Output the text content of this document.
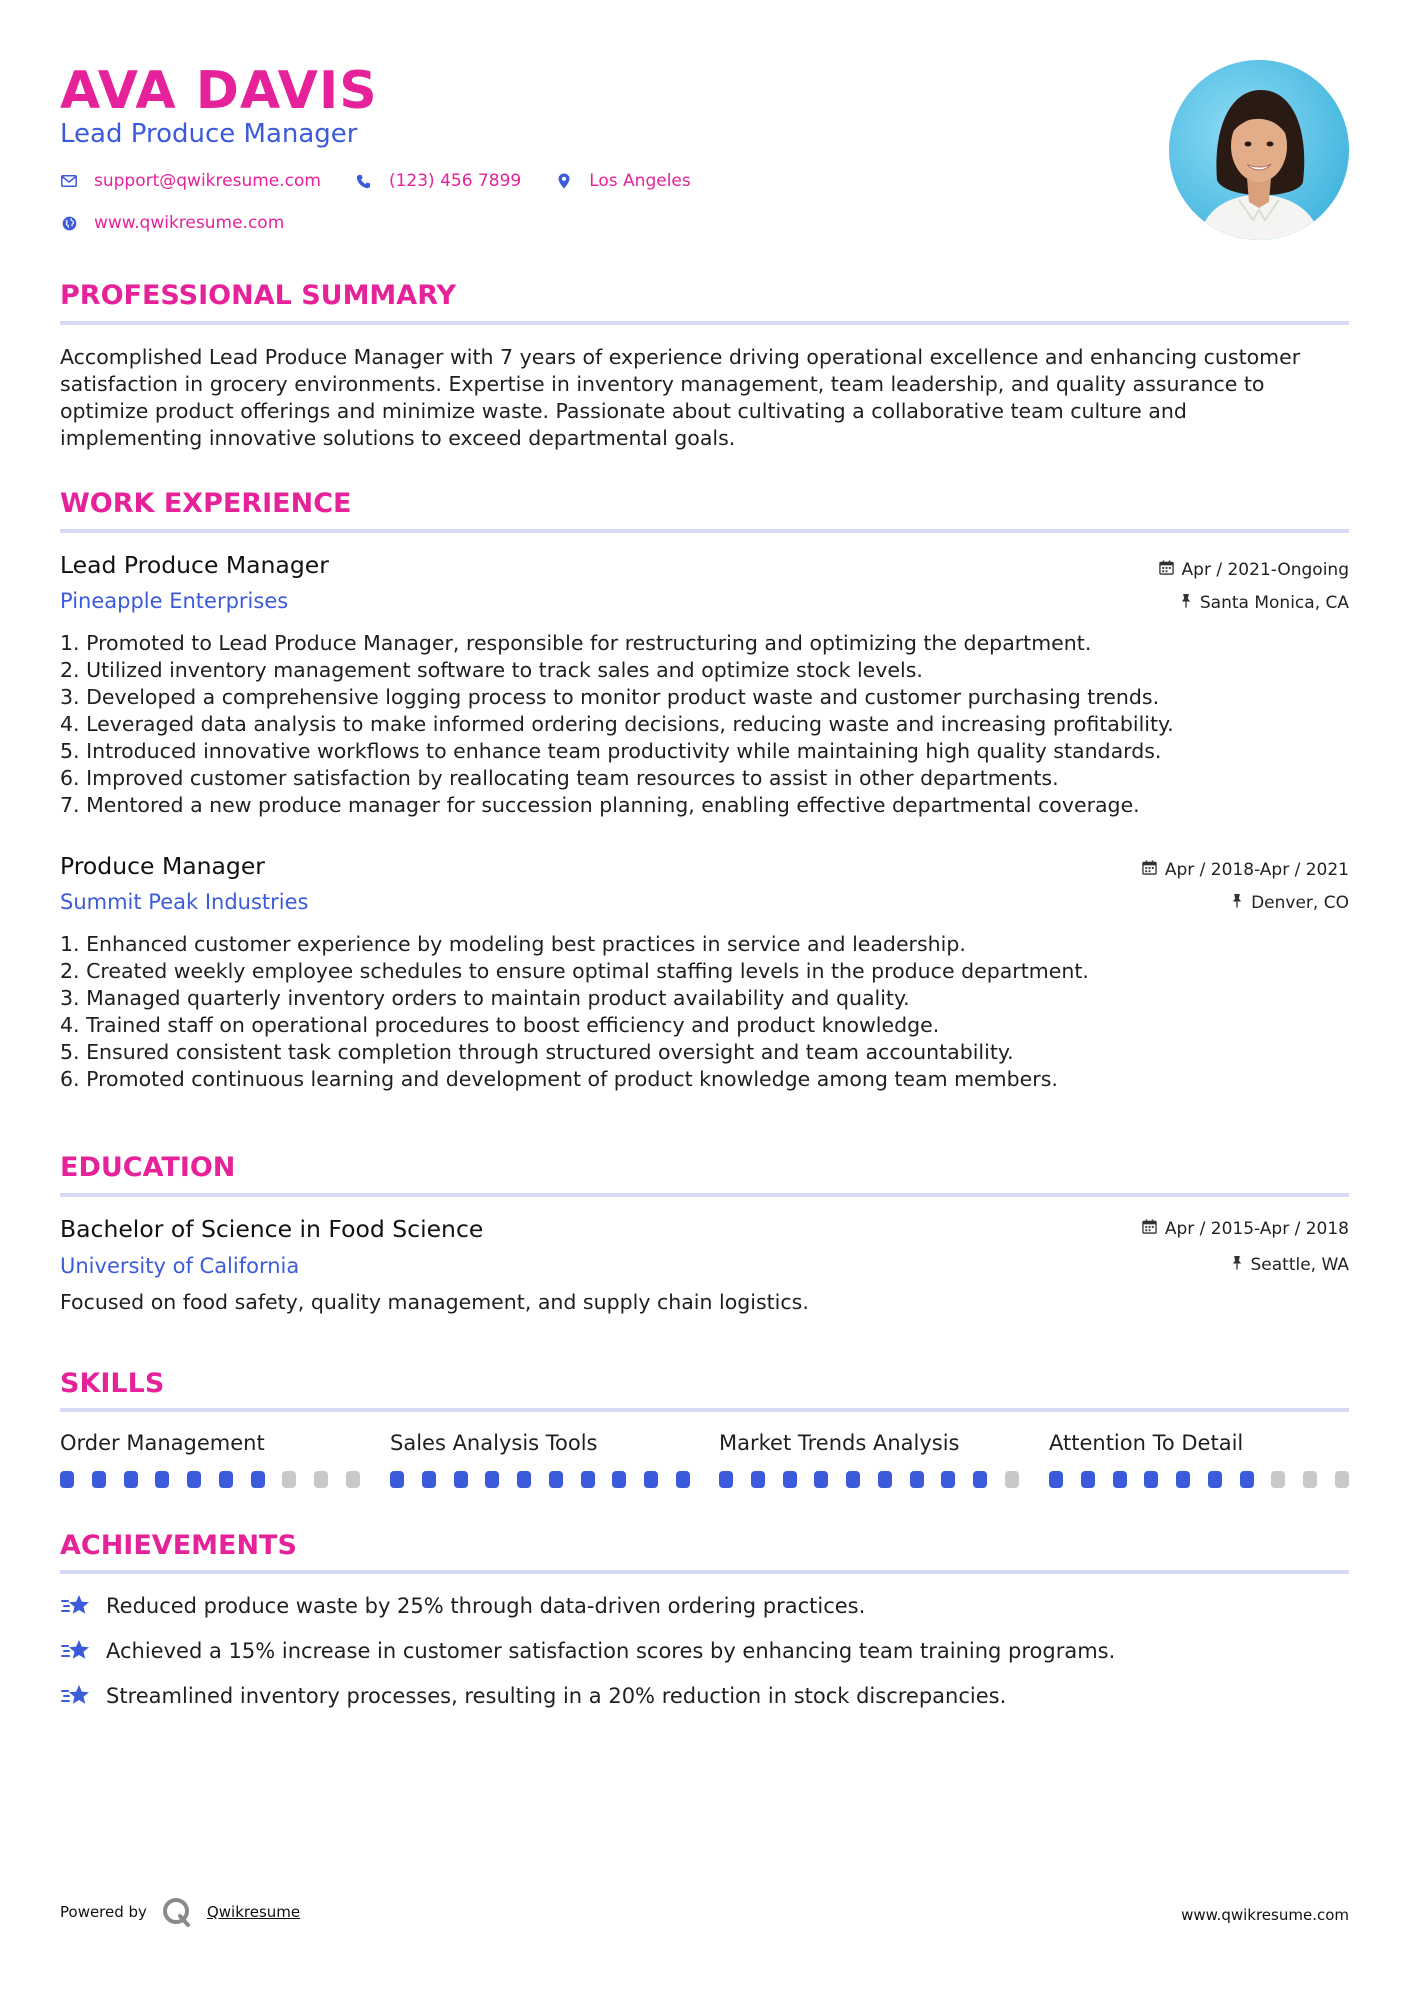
AVA DAVIS
Lead Produce Manager
support@qwikresume.com	(123) 456 7899	Los Angeles
www.qwikresume.com
PROFESSIONAL SUMMARY
Accomplished Lead Produce Manager with 7 years of experience driving operational excellence and enhancing customer
satisfaction in grocery environments. Expertise in inventory management, team leadership, and quality assurance to
optimize product offerings and minimize waste. Passionate about cultivating a collaborative team culture and
implementing innovative solutions to exceed departmental goals.
WORK EXPERIENCE
Lead Produce Manager
Pineapple Enterprises
Apr / 2021-Ongoing
Santa Monica, CA
1. Promoted to Lead Produce Manager, responsible for restructuring and optimizing the department.
2. Utilized inventory management software to track sales and optimize stock levels.
3. Developed a comprehensive logging process to monitor product waste and customer purchasing trends.
4. Leveraged data analysis to make informed ordering decisions, reducing waste and increasing profitability.
5. Introduced innovative workflows to enhance team productivity while maintaining high quality standards.
6. Improved customer satisfaction by reallocating team resources to assist in other departments.
7. Mentored a new produce manager for succession planning, enabling effective departmental coverage.
Produce Manager
Summit Peak Industries
Apr / 2018-Apr / 2021
Denver, CO
1. Enhanced customer experience by modeling best practices in service and leadership.
2. Created weekly employee schedules to ensure optimal staffing levels in the produce department.
3. Managed quarterly inventory orders to maintain product availability and quality.
4. Trained staff on operational procedures to boost efficiency and product knowledge.
5. Ensured consistent task completion through structured oversight and team accountability.
6. Promoted continuous learning and development of product knowledge among team members.
EDUCATION
Bachelor of Science in Food Science
University of California
Apr / 2015-Apr / 2018
Seattle, WA
Focused on food safety, quality management, and supply chain logistics.
SKILLS
Order Management	Sales Analysis Tools	Market Trends Analysis	Attention To Detail
ACHIEVEMENTS
Reduced produce waste by 25% through data-driven ordering practices.
Achieved a 15% increase in customer satisfaction scores by enhancing team training programs.
Streamlined inventory processes, resulting in a 20% reduction in stock discrepancies.
Powered by	Qwikresume	www.qwikresume.com
